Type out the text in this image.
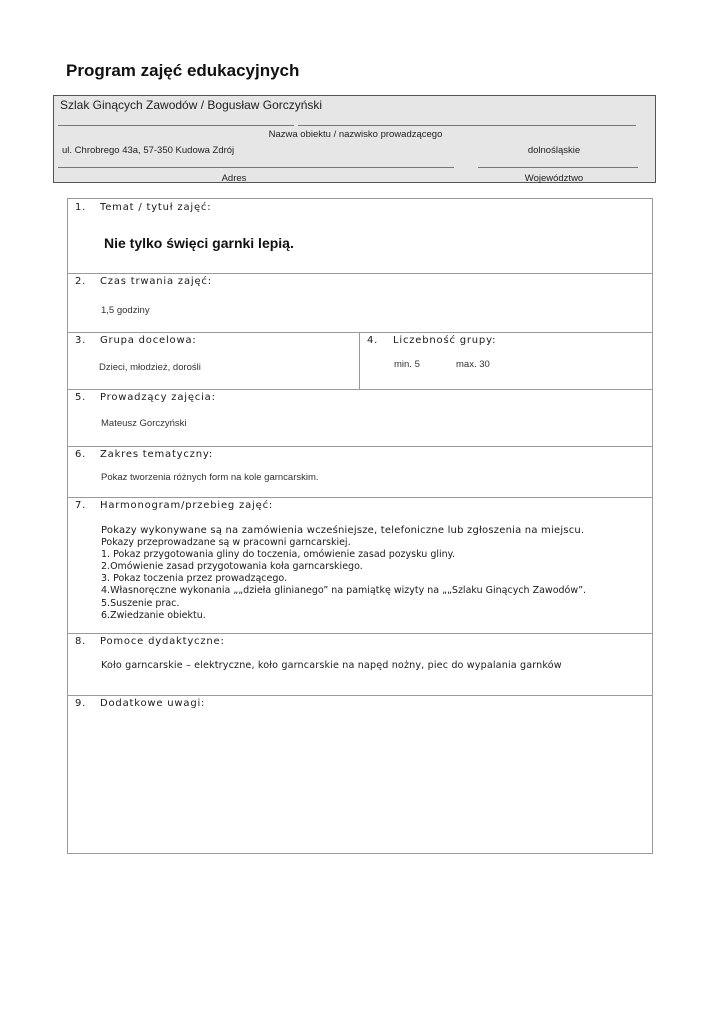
Program zajęć edukacyjnych
Szlak Ginących Zawodów / Bogusław Gorczyński
Nazwa obiektu / nazwisko prowadzącego
ul. Chrobrego 43a, 57-350 Kudowa Zdrój
Adres
dolnośląskie
Województwo
1. Temat / tytuł zajęć:
Nie tylko święci garnki lepią.
2. Czas trwania zajęć:
1,5 godziny
3. Grupa docelowa:
Dzieci, młodzież, dorośli
4. Liczebność grupy:
min. 5	max. 30
5. Prowadzący zajęcia:
Mateusz Gorczyński
6. Zakres tematyczny:
Pokaz tworzenia różnych form na kole garncarskim.
7. Harmonogram/przebieg zajęć:
Pokazy wykonywane są na zamówienia wcześniejsze, telefoniczne lub zgłoszenia na miejscu.
Pokazy przeprowadzane są w pracowni garncarskiej.
1. Pokaz przygotowania gliny do toczenia, omówienie zasad pozysku gliny.
2.Omówienie zasad przygotowania koła garncarskiego.
3. Pokaz toczenia przez prowadzącego.
4.Własnoręczne wykonania „„dzieła glinianego” na pamiątkę wizyty na „„Szlaku Ginących Zawodów”.
5.Suszenie prac.
6.Zwiedzanie obiektu.
8. Pomoce dydaktyczne:
Koło garncarskie – elektryczne, koło garncarskie na napęd nożny, piec do wypalania garnków
9. Dodatkowe uwagi:
